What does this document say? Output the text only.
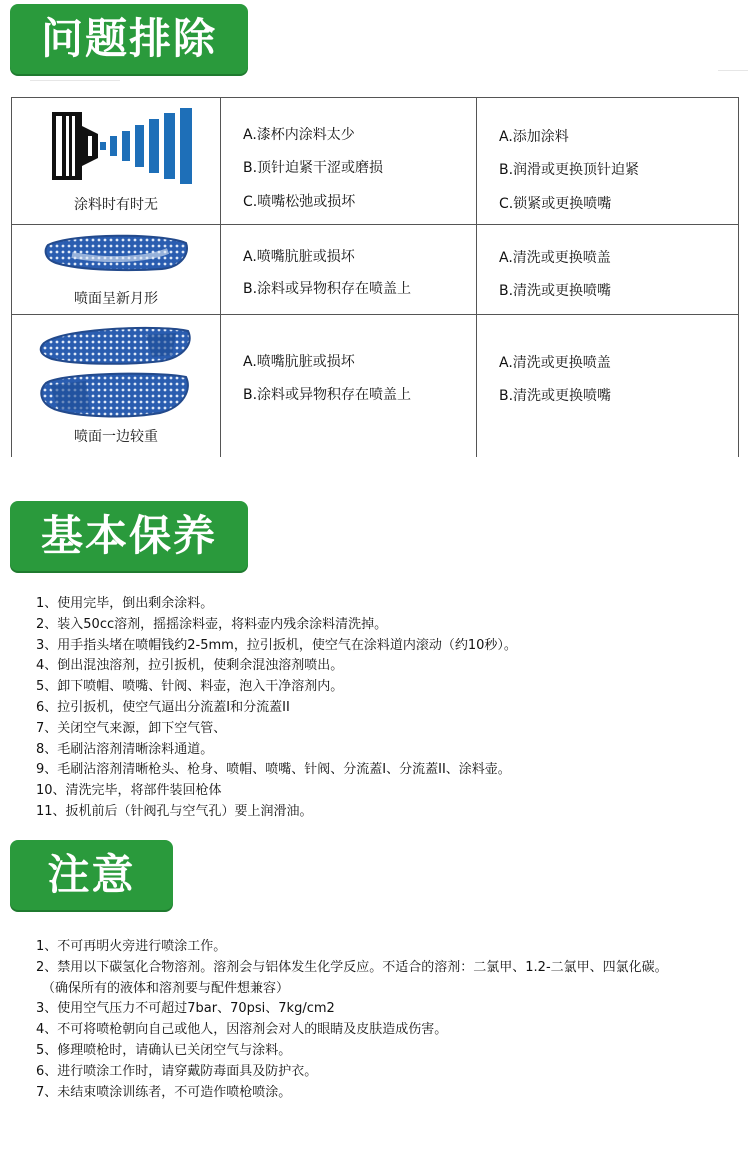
问题排除
涂料时有时无
A.漆杯内涂料太少
B.顶针迫紧干涩或磨损
C.喷嘴松弛或损坏
A.添加涂料
B.润滑或更换顶针迫紧
C.锁紧或更换喷嘴
喷面呈新月形
A.喷嘴肮脏或损坏
B.涂料或异物积存在喷盖上
A.清洗或更换喷盖
B.清洗或更换喷嘴
喷面一边较重
A.喷嘴肮脏或损坏
B.涂料或异物积存在喷盖上
A.清洗或更换喷盖
B.清洗或更换喷嘴
基本保养
1、使用完毕，倒出剩余涂料。
2、装入50cc溶剂，摇摇涂料壶，将料壶内残余涂料清洗掉。
3、用手指头堵在喷帽钱约2-5mm，拉引扳机，使空气在涂料道内滚动（约10秒）。
4、倒出混浊溶剂，拉引扳机，使剩余混浊溶剂喷出。
5、卸下喷帽、喷嘴、针阀、料壶，泡入干净溶剂内。
6、拉引扳机，使空气逼出分流蓋I和分流蓋II
7、关闭空气来源，卸下空气管、
8、毛刷沾溶剂清晰涂料通道。
9、毛刷沾溶剂清晰枪头、枪身、喷帽、喷嘴、针阀、分流蓋I、分流蓋II、涂料壶。
10、清洗完毕，将部件装回枪体
11、扳机前后（针阀孔与空气孔）要上润滑油。
注意
1、不可再明火旁进行喷涂工作。
2、禁用以下碳氢化合物溶剂。溶剂会与铝体发生化学反应。不适合的溶剂：二氯甲、1.2-二氯甲、四氯化碳。
（确保所有的液体和溶剂要与配件想兼容）
3、使用空气压力不可超过7bar、70psi、7kg/cm2
4、不可将喷枪朝向自己或他人，因溶剂会对人的眼睛及皮肤造成伤害。
5、修理喷枪时，请确认已关闭空气与涂料。
6、进行喷涂工作时，请穿戴防毒面具及防护衣。
7、未结束喷涂训练者，不可造作喷枪喷涂。
